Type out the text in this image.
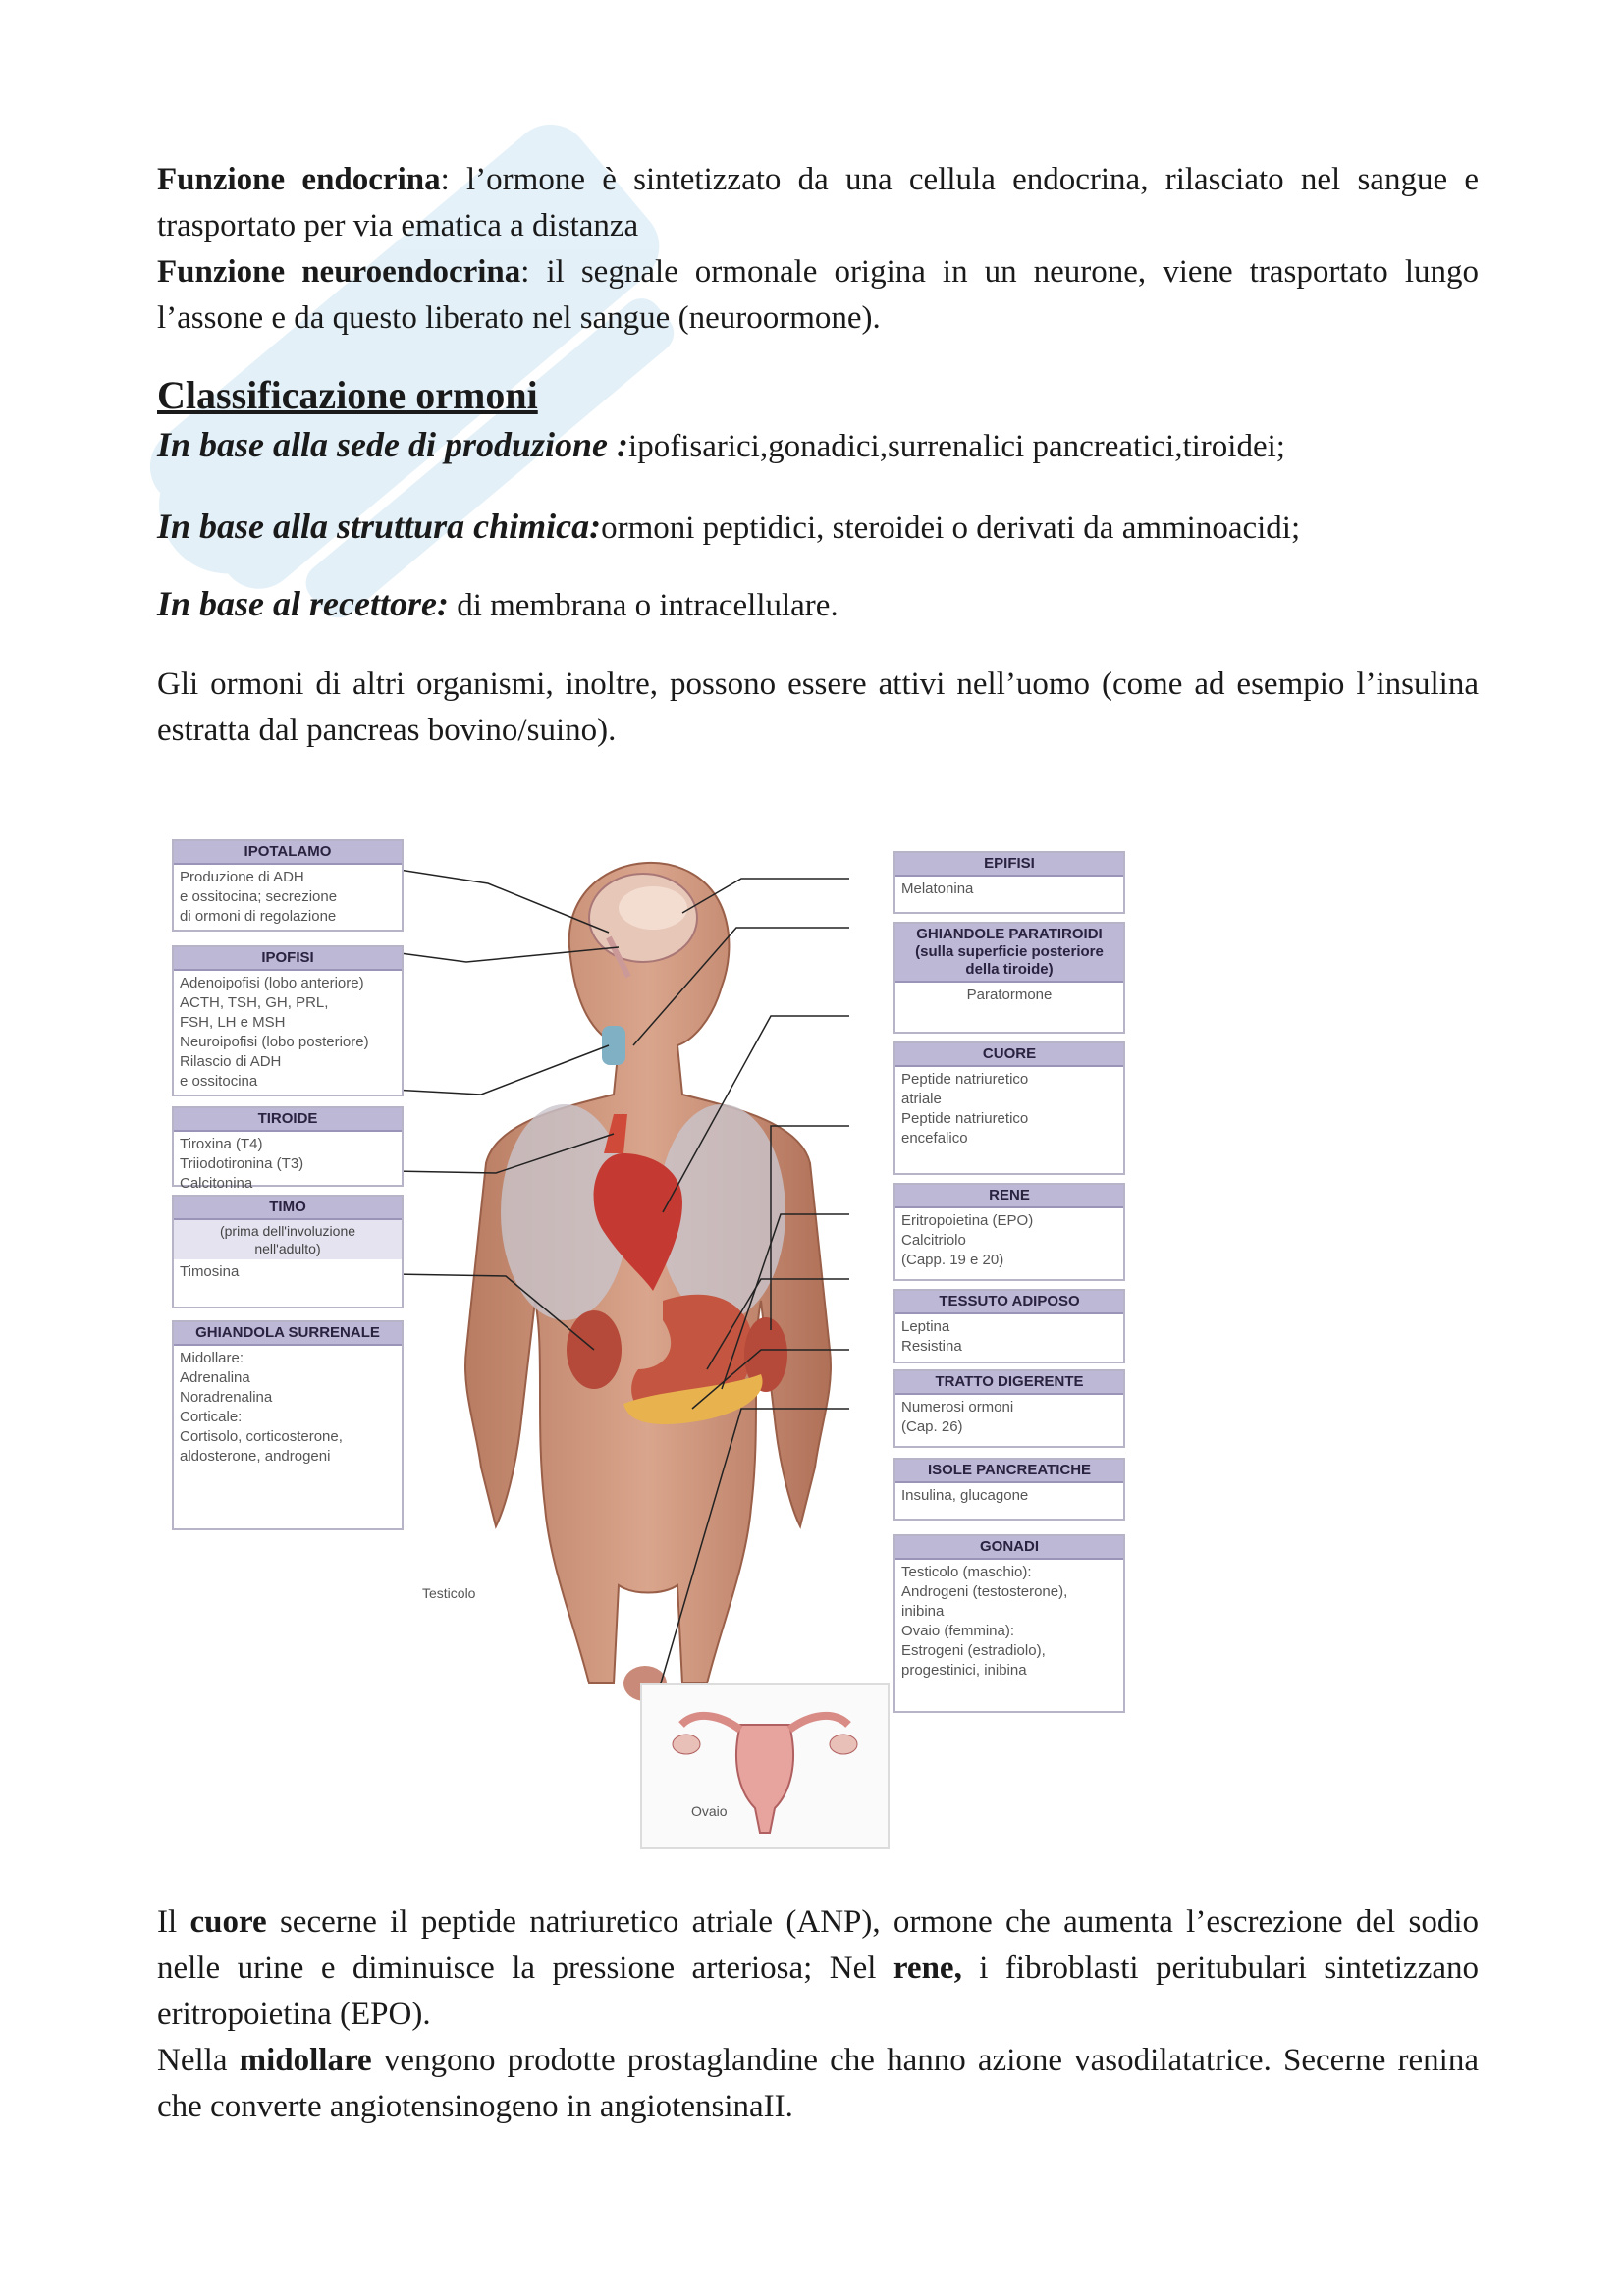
Funzione endocrina: l’ormone è sintetizzato da una cellula endocrina, rilasciato nel sangue e trasportato per via ematica a distanza
Funzione neuroendocrina: il segnale ormonale origina in un neurone, viene trasportato lungo l’assone e da questo liberato nel sangue (neuroormone).
Classificazione ormoni
In base alla sede di produzione :ipofisarici,gonadici,surrenalici pancreatici,tiroidei;
In base alla struttura chimica:ormoni peptidici, steroidei o derivati da amminoacidi;
In base al recettore: di membrana o intracellulare.
Gli ormoni di altri organismi, inoltre, possono essere attivi nell’uomo (come ad esempio l’insulina estratta dal pancreas bovino/suino).
IPOTALAMO
Produzione di ADH
e ossitocina; secrezione
di ormoni di regolazione
IPOFISI
Adenoipofisi (lobo anteriore)
ACTH, TSH, GH, PRL,
FSH, LH e MSH
Neuroipofisi (lobo posteriore)
Rilascio di ADH
e ossitocina
TIROIDE
Tiroxina (T4)
Triiodotironina (T3)
Calcitonina
TIMO
(prima dell'involuzione
nell'adulto)
Timosina
GHIANDOLA SURRENALE
Midollare:
Adrenalina
Noradrenalina
Corticale:
Cortisolo, corticosterone,
aldosterone, androgeni
EPIFISI
Melatonina
GHIANDOLE PARATIROIDI
(sulla superficie posteriore
della tiroide)
Paratormone
CUORE
Peptide natriuretico
atriale
Peptide natriuretico
encefalico
RENE
Eritropoietina (EPO)
Calcitriolo
(Capp. 19 e 20)
TESSUTO ADIPOSO
Leptina
Resistina
TRATTO DIGERENTE
Numerosi ormoni
(Cap. 26)
ISOLE PANCREATICHE
Insulina, glucagone
GONADI
Testicolo (maschio):
Androgeni (testosterone),
inibina
Ovaio (femmina):
Estrogeni (estradiolo),
progestinici, inibina
Testicolo
Ovaio
Il cuore secerne il peptide natriuretico atriale (ANP), ormone che aumenta l’escrezione del sodio nelle urine e diminuisce la pressione arteriosa; Nel rene, i fibroblasti peritubulari sintetizzano eritropoietina (EPO).
Nella midollare vengono prodotte prostaglandine che hanno azione vasodilatatrice. Secerne renina che converte angiotensinogeno in angiotensinaII.
